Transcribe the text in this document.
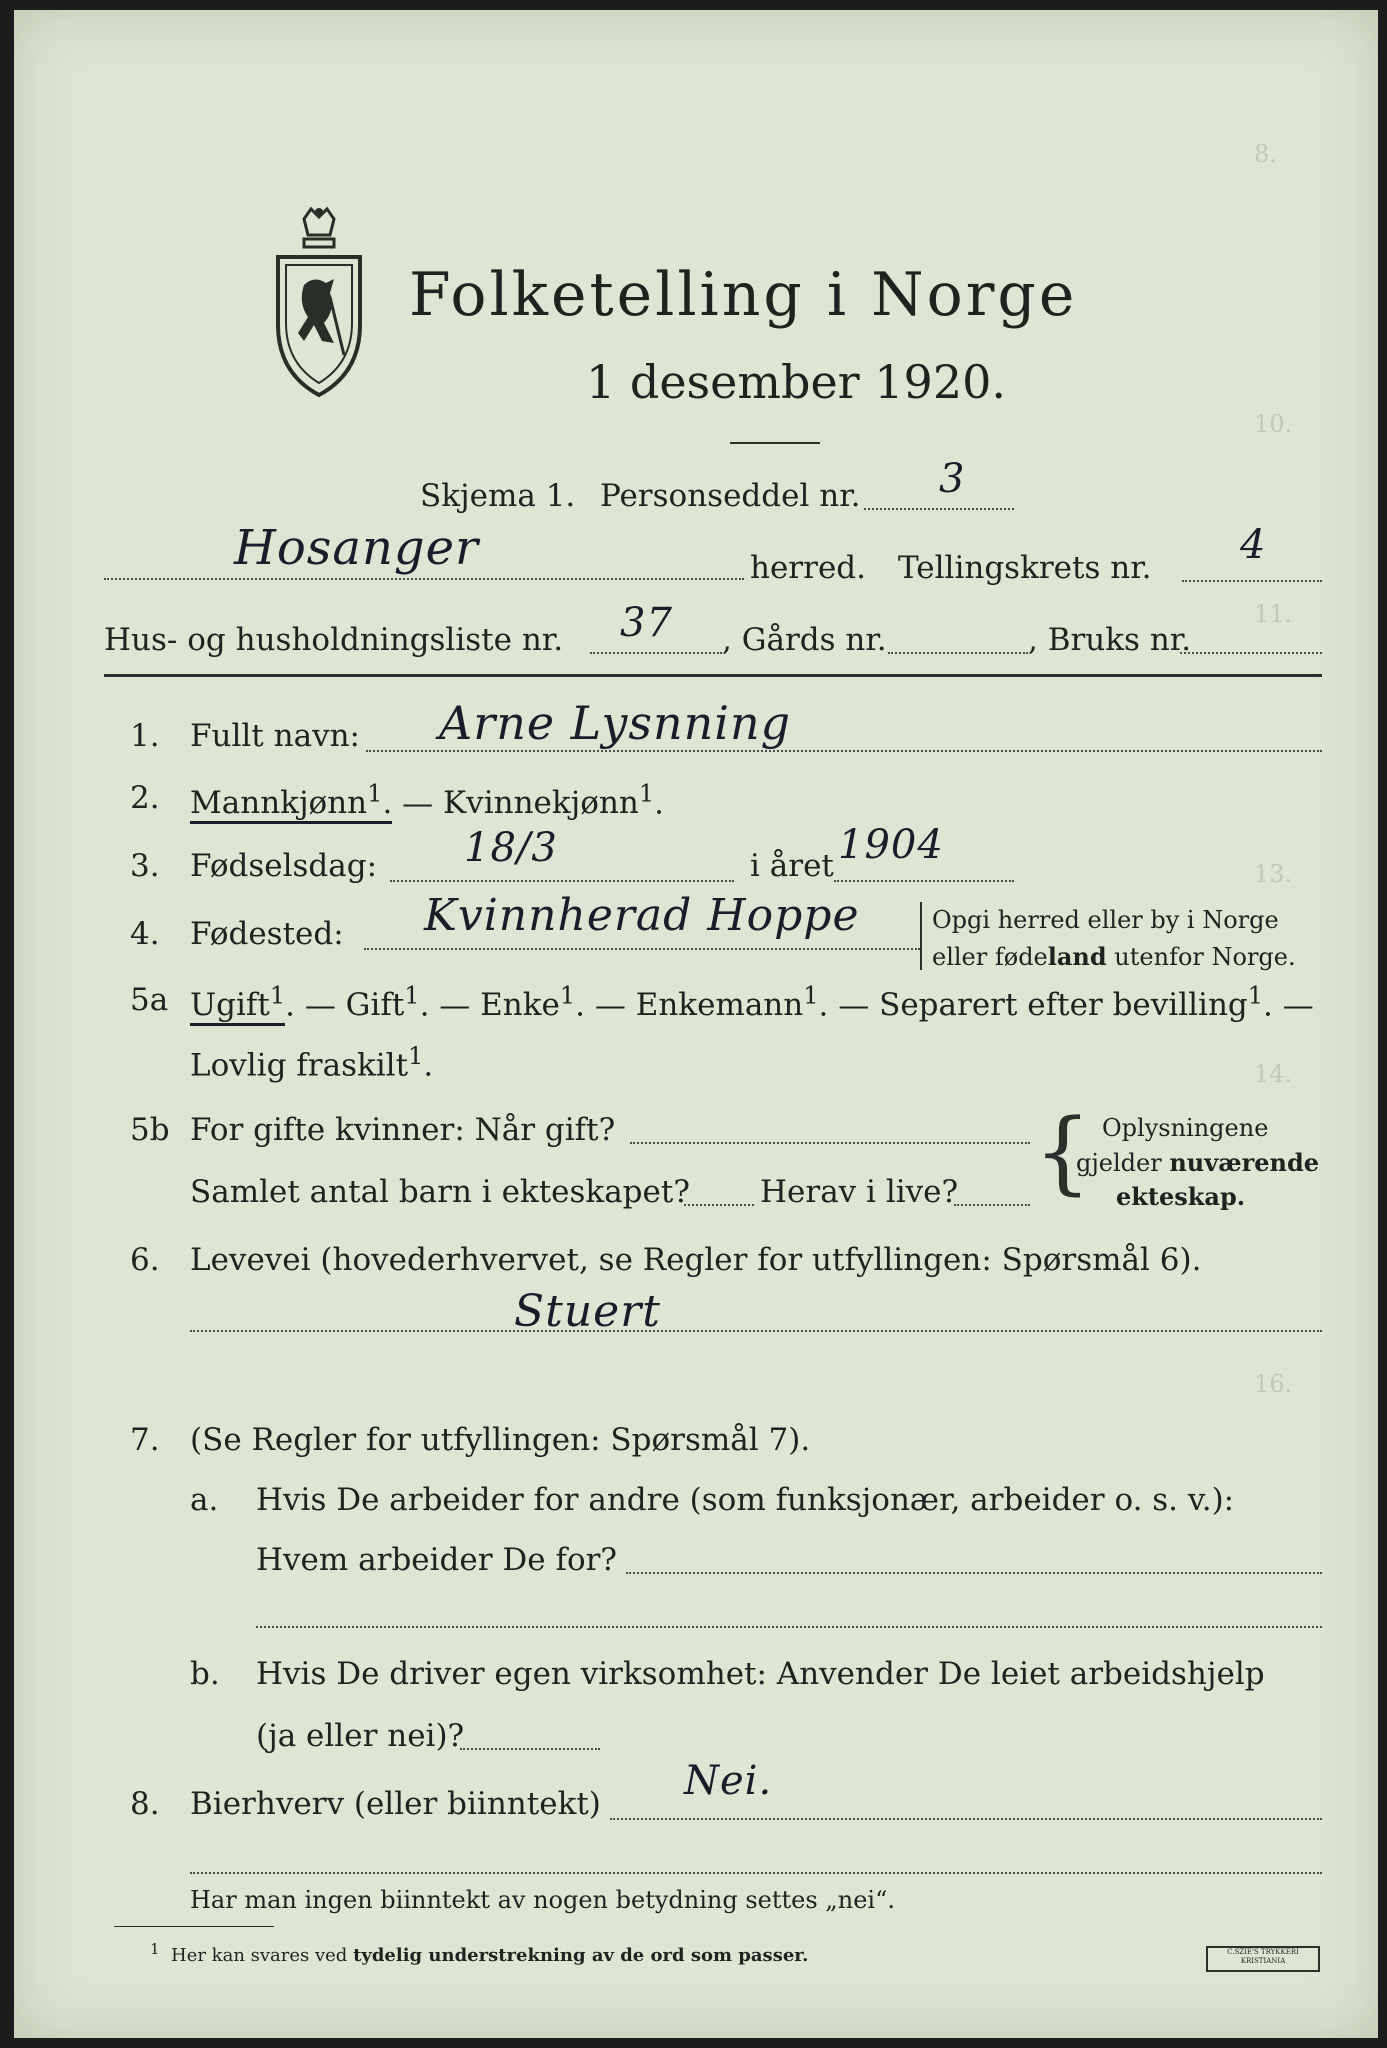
8.
10.
11.
13.
14.
16.
Folketelling i Norge
1 desember 1920.
Skjema 1. Personseddel nr. 3
Hosanger	herred. Tellingskrets nr. 4
Hus- og husholdningsliste nr. 37 , Gårds nr.	, Bruks nr.
1. Fullt navn: Arne Lysnning
2. Mannkjønn$^1$. — Kvinnekjønn$^1$.
3. Fødselsdag: 18/3	i året 1904
4. Fødested: Kvinnherad Hoppe	Opgi herred eller by i Norge
eller fødeland utenfor Norge.
5a Ugift$^1$. — Gift$^1$. — Enke$^1$. — Enkemann$^1$. — Separert efter bevilling$^1$. —
Lovlig fraskilt$^1$.
5b For gifte kvinner: Når gift?
Samlet antal barn i ekteskapet? Herav i live? { Oplysningene
gjelder nuværende
ekteskap.
6. Levevei (hovederhvervet, se Regler for utfyllingen: Spørsmål 6).
Stuert
7. (Se Regler for utfyllingen: Spørsmål 7).
a. Hvis De arbeider for andre (som funksjonær, arbeider o. s. v.):
Hvem arbeider De for?
b. Hvis De driver egen virksomhet: Anvender De leiet arbeidshjelp
(ja eller nei)?
8. Bierhverv (eller biinntekt) Nei.
Har man ingen biinntekt av nogen betydning settes „nei“.
$^1$ Her kan svares ved tydelig understrekning av de ord som passer.	C.SZIE'S TRYKKERI
KRISTIANIA
